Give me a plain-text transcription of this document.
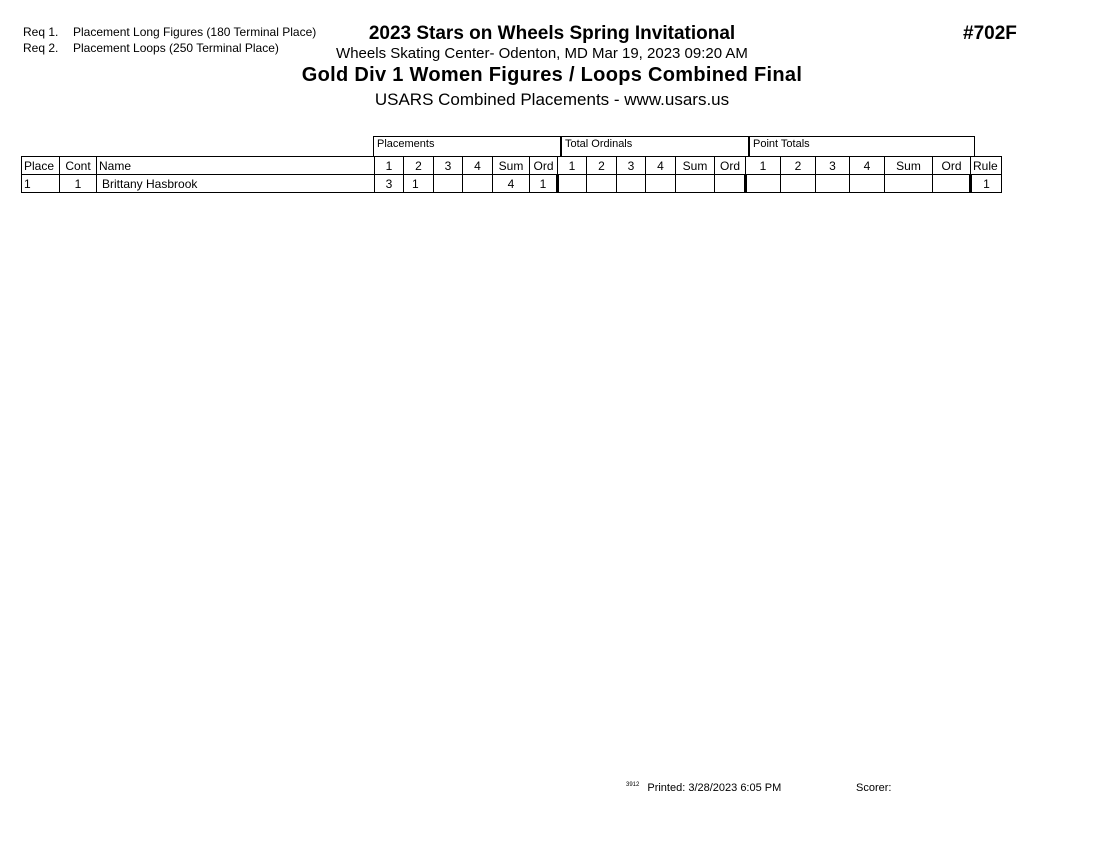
Req 1. Placement Long Figures (180 Terminal Place)
Req 2. Placement Loops (250 Terminal Place)
2023 Stars on Wheels Spring Invitational
Wheels Skating Center- Odenton, MD Mar 19, 2023 09:20 AM
Gold Div 1 Women Figures / Loops Combined Final
USARS Combined Placements - www.usars.us
#702F
Placements	Total Ordinals	Point Totals
Place	Cont	Name	1	2	3	4	Sum	Ord	1	2	3	4	Sum	Ord	1	2	3	4	Sum	Ord	Rule
1	1	Brittany Hasbrook	3	1			4	1													1
$^{3912}$ Printed: 3/28/2023 6:05 PM	Scorer:
